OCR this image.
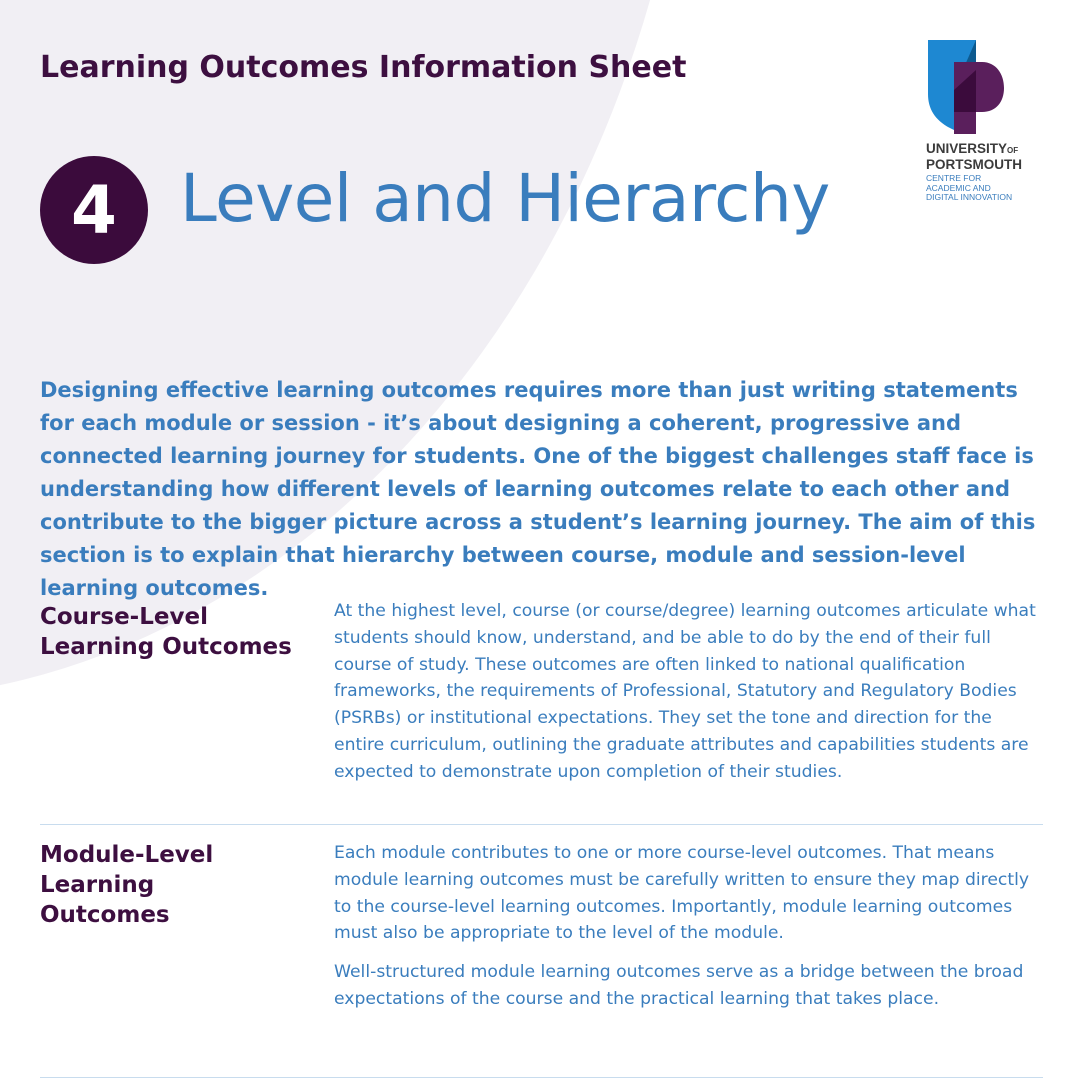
Learning Outcomes Information Sheet
4 Level and Hierarchy
UNIVERSITYOF
PORTSMOUTH
CENTRE FOR
ACADEMIC AND
DIGITAL INNOVATION

Designing effective learning outcomes requires more than just writing statements for each module or session - it’s about designing a coherent, progressive and connected learning journey for students. One of the biggest challenges staff face is understanding how different levels of learning outcomes relate to each other and contribute to the bigger picture across a student’s learning journey. The aim of this section is to explain that hierarchy between course, module and session-level learning outcomes.

Course-Level
Learning Outcomes

At the highest level, course (or course/degree) learning outcomes articulate what students should know, understand, and be able to do by the end of their full course of study. These outcomes are often linked to national qualification frameworks, the requirements of Professional, Statutory and Regulatory Bodies (PSRBs) or institutional expectations. They set the tone and direction for the entire curriculum, outlining the graduate attributes and capabilities students are expected to demonstrate upon completion of their studies.

Module-Level
Learning
Outcomes

Each module contributes to one or more course-level outcomes. That means module learning outcomes must be carefully written to ensure they map directly to the course-level learning outcomes. Importantly, module learning outcomes must also be appropriate to the level of the module.

Well-structured module learning outcomes serve as a bridge between the broad expectations of the course and the practical learning that takes place.
